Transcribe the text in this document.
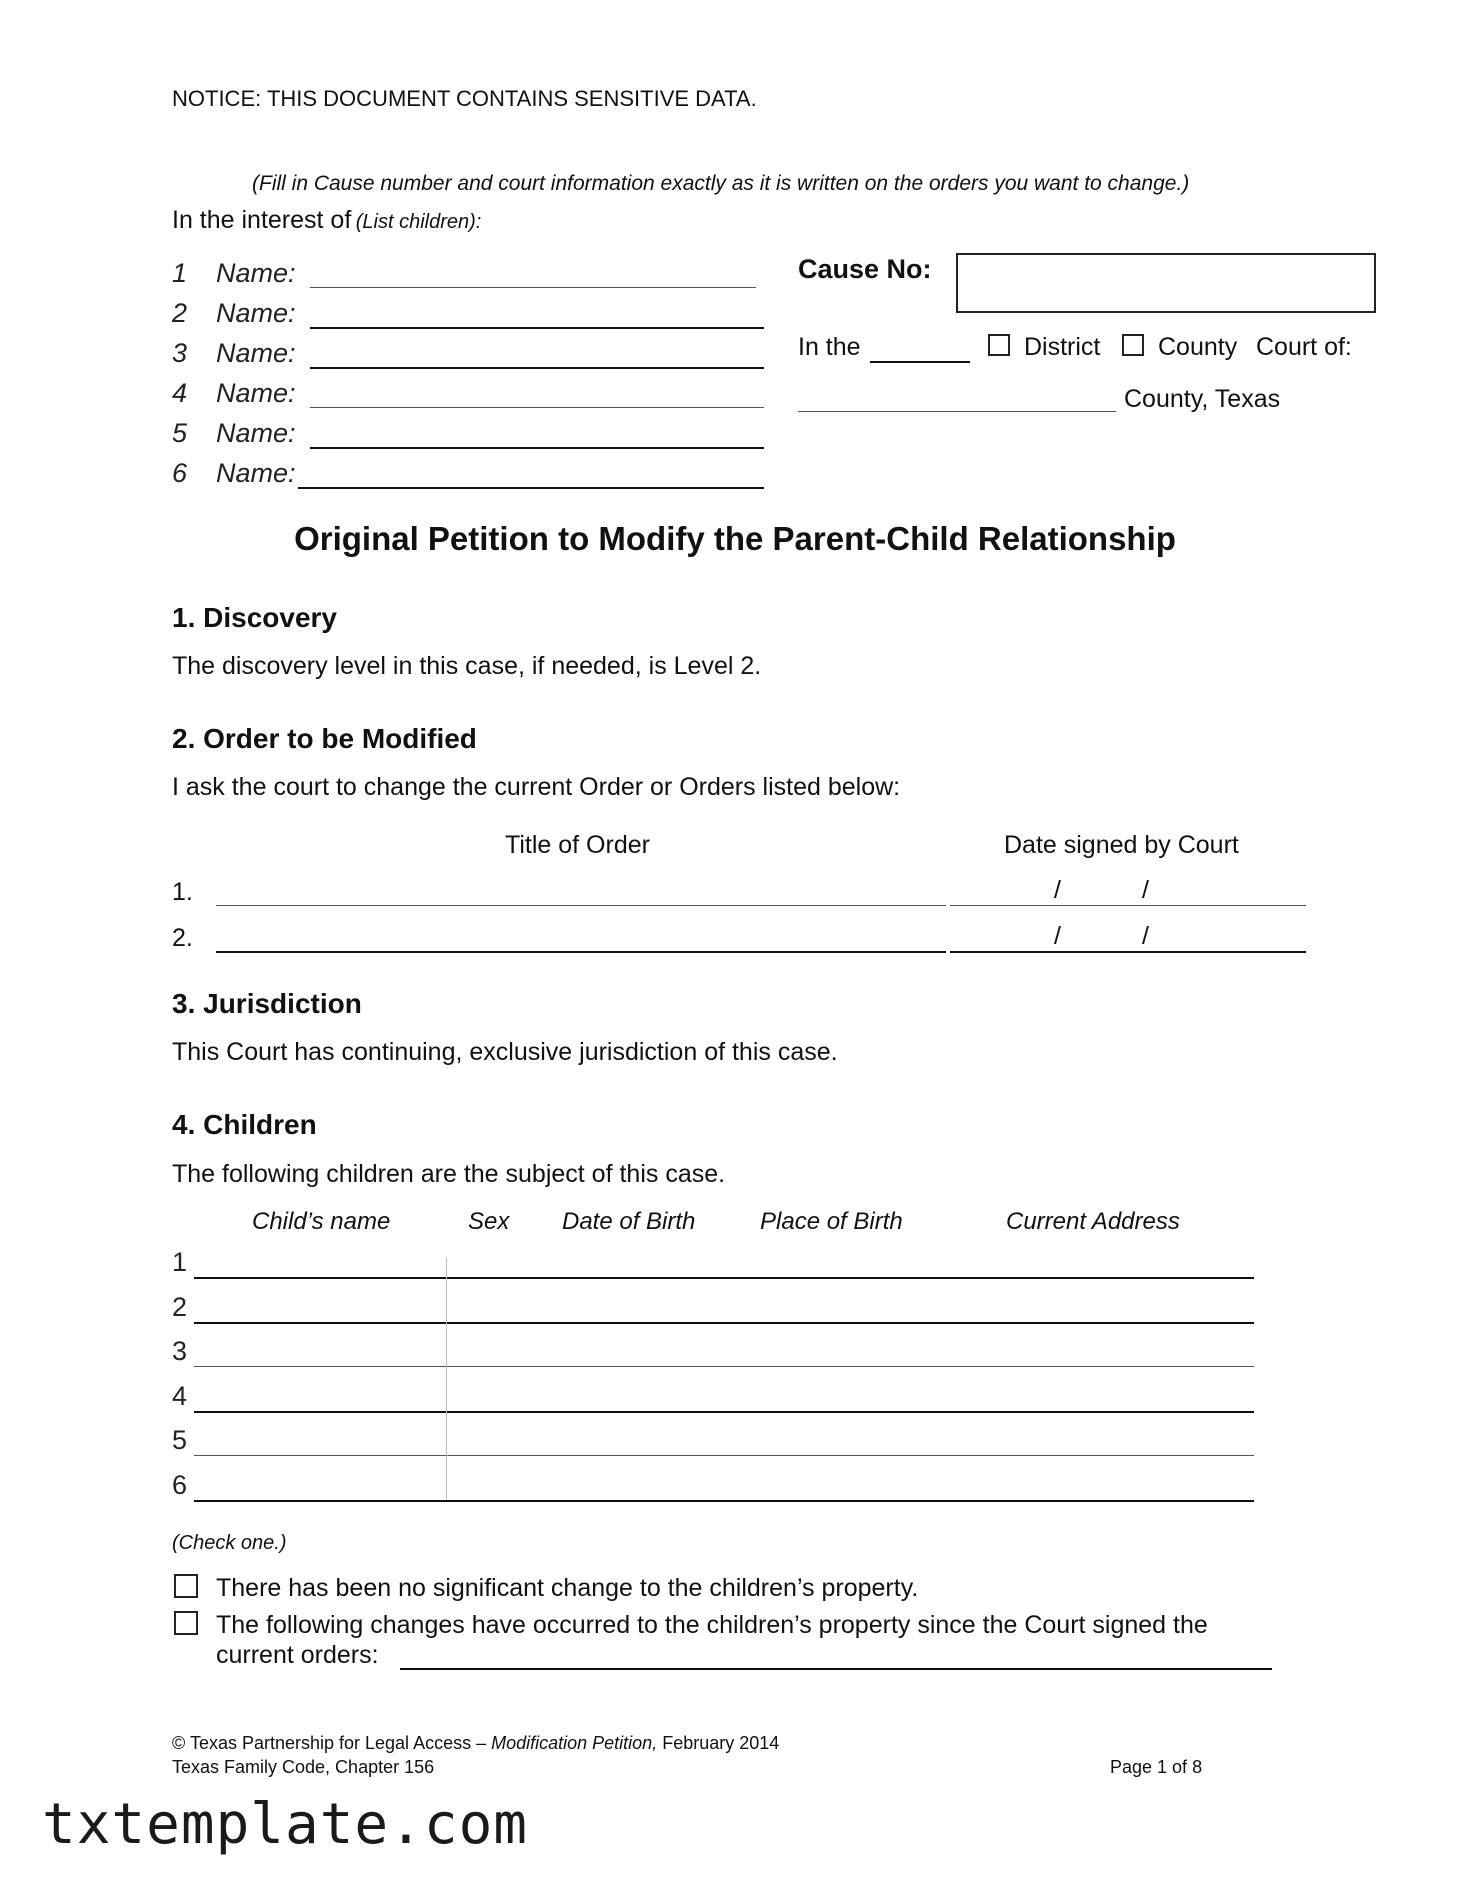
NOTICE: THIS DOCUMENT CONTAINS SENSITIVE DATA.
(Fill in Cause number and court information exactly as it is written on the orders you want to change.)
In the interest of (List children):
1 Name:
2 Name:
3 Name:
4 Name:
5 Name:
6 Name:
Cause No:
In the	District County Court of:
County, Texas
Original Petition to Modify the Parent-Child Relationship
1. Discovery
The discovery level in this case, if needed, is Level 2.
2. Order to be Modified
I ask the court to change the current Order or Orders listed below:
Title of Order	Date signed by Court
1.	/	/
2.	/	/
3. Jurisdiction
This Court has continuing, exclusive jurisdiction of this case.
4. Children
The following children are the subject of this case.
Child’s name	Sex Date of Birth	Place of Birth	Current Address
1
2
3
4
5
6
(Check one.)
There has been no significant change to the children’s property.
The following changes have occurred to the children’s property since the Court signed the
current orders:
© Texas Partnership for Legal Access – Modification Petition, February 2014
Texas Family Code, Chapter 156	Page 1 of 8
txtemplate.com
